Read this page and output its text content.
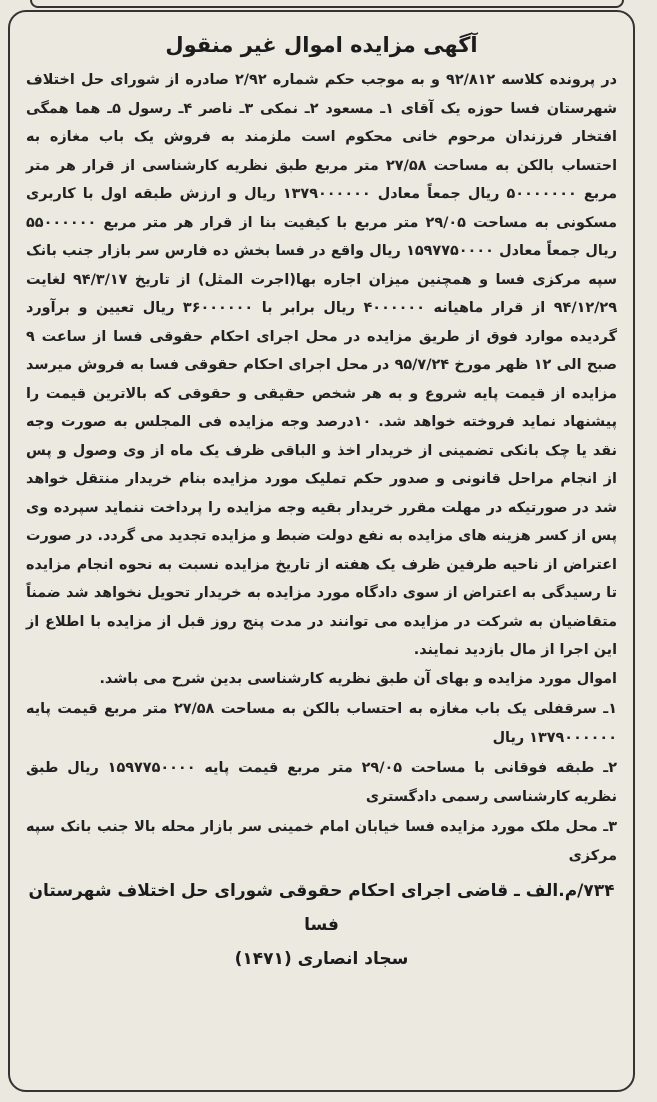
آگهی مزایده اموال غیر منقول

در پرونده کلاسه ۹۲/۸۱۲ و به موجب حکم شماره ۲/۹۲ صادره از شورای حل اختلاف شهرستان فسا حوزه یک آقای ۱ـ مسعود ۲ـ نمکی ۳ـ ناصر ۴ـ رسول ۵ـ هما همگی افتخار فرزندان مرحوم خانی محکوم است ملزمند به فروش یک باب مغازه به احتساب بالکن به مساحت ۲۷/۵۸ متر مربع طبق نظریه کارشناسی از قرار هر متر مربع ۵۰۰۰۰۰۰۰ ریال جمعاً معادل ۱۳۷۹۰۰۰۰۰۰ ریال و ارزش طبقه اول با کاربری مسکونی به مساحت ۲۹/۰۵ متر مربع با کیفیت بنا از قرار هر متر مربع ۵۵۰۰۰۰۰۰ ریال جمعاً معادل ۱۵۹۷۷۵۰۰۰۰ ریال واقع در فسا بخش ده فارس سر بازار جنب بانک سپه مرکزی فسا و همچنین میزان اجاره بها(اجرت المثل) از تاریخ ۹۴/۳/۱۷ لغایت ۹۴/۱۲/۲۹ از قرار ماهیانه ۴۰۰۰۰۰۰ ریال برابر با ۳۶۰۰۰۰۰۰ ریال تعیین و برآورد گردیده موارد فوق از طریق مزایده در محل اجرای احکام حقوقی فسا از ساعت ۹ صبح الی ۱۲ ظهر مورخ ۹۵/۷/۲۴ در محل اجرای احکام حقوقی فسا به فروش میرسد مزایده از قیمت پایه شروع و به هر شخص حقیقی و حقوقی که بالاترین قیمت را پیشنهاد نماید فروخته خواهد شد. ۱۰درصد وجه مزایده فی المجلس به صورت وجه نقد یا چک بانکی تضمینی از خریدار اخذ و الباقی ظرف یک ماه از وی وصول و پس از انجام مراحل قانونی و صدور حکم تملیک مورد مزایده بنام خریدار منتقل خواهد شد در صورتیکه در مهلت مقرر خریدار بقیه وجه مزایده را پرداخت ننماید سپرده وی پس از کسر هزینه های مزایده به نفع دولت ضبط و مزایده تجدید می گردد. در صورت اعتراض از ناحیه طرفین ظرف یک هفته از تاریخ مزایده نسبت به نحوه انجام مزایده تا رسیدگی به اعتراض از سوی دادگاه مورد مزایده به خریدار تحویل نخواهد شد ضمناً متقاضیان به شرکت در مزایده می توانند در مدت پنج روز قبل از مزایده با اطلاع از این اجرا از مال بازدید نمایند.

اموال مورد مزایده و بهای آن طبق نظریه کارشناسی بدین شرح می باشد.

۱ـ سرقفلی یک باب مغازه به احتساب بالکن به مساحت ۲۷/۵۸ متر مربع قیمت پایه ۱۳۷۹۰۰۰۰۰۰ ریال

۲ـ طبقه فوقانی با مساحت ۲۹/۰۵ متر مربع قیمت پایه ۱۵۹۷۷۵۰۰۰۰ ریال طبق نظریه کارشناسی رسمی دادگستری

۳ـ محل ملک مورد مزایده فسا خیابان امام خمینی سر بازار محله بالا جنب بانک سپه مرکزی

۷۳۴/م.الف ـ قاضی اجرای احکام حقوقی شورای حل اختلاف شهرستان فسا
سجاد انصاری (۱۴۷۱)
